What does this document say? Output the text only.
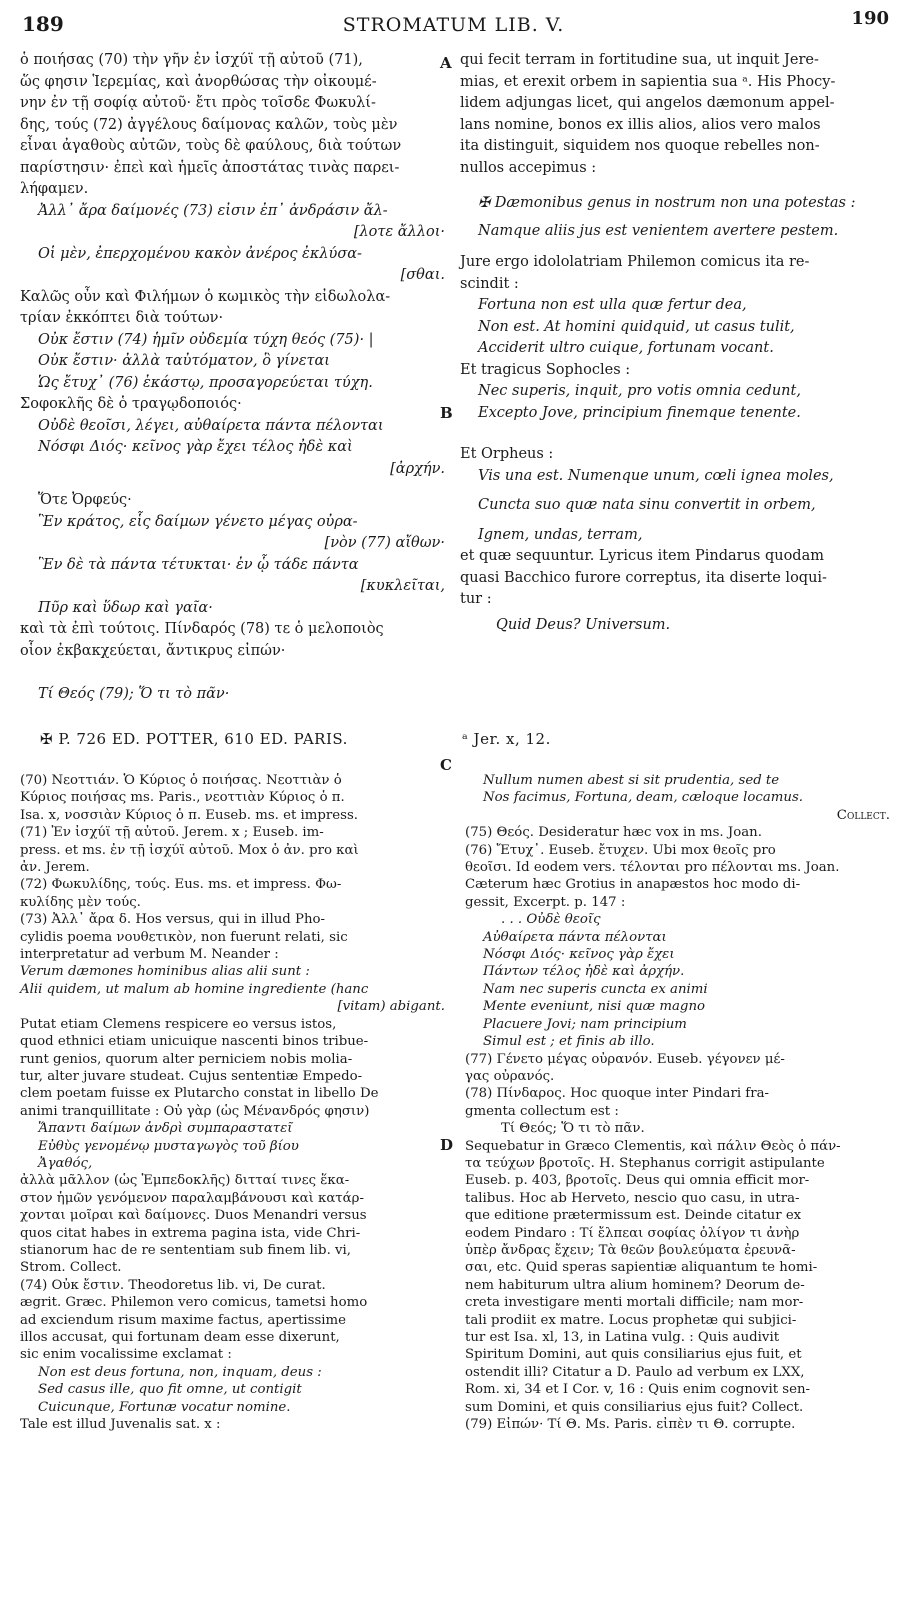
189	STROMATUM LIB. V.	190

ὁ ποιήσας (70) τὴν γῆν ἐν ἰσχύϊ τῇ αὐτοῦ (71),

ὥς φησιν Ἱερεμίας, καὶ ἀνορθώσας τὴν οἰκουμέ-

νην ἐν τῇ σοφίᾳ αὐτοῦ· ἔτι πρὸς τοῖσδε Φωκυλί-

δης, τούς (72) ἀγγέλους δαίμονας καλῶν, τοὺς μὲν

εἶναι ἀγαθοὺς αὐτῶν, τοὺς δὲ φαύλους, διὰ τούτων

παρίστησιν· ἐπεὶ καὶ ἡμεῖς ἀποστάτας τινὰς παρει-

λήφαμεν.

Ἀλλ᾽ ἄρα δαίμονές (73) εἰσιν ἐπ᾽ ἀνδράσιν ἄλ-

[λοτε ἄλλοι·

Οἱ μὲν, ἐπερχομένου κακὸν ἀνέρος ἐκλύσα-

[σθαι.

Καλῶς οὖν καὶ Φιλήμων ὁ κωμικὸς τὴν εἰδωλολα-

τρίαν ἐκκόπτει διὰ τούτων·

Οὐκ ἔστιν (74) ἡμῖν οὐδεμία τύχη θεός (75)· |

Οὐκ ἔστιν· ἀλλὰ ταὐτόματον, ὃ γίνεται

Ὡς ἔτυχ᾽ (76) ἑκάστῳ, προσαγορεύεται τύχη.

Σοφοκλῆς δὲ ὁ τραγῳδοποιός·

Οὐδὲ θεοῖσι, λέγει, αὐθαίρετα πάντα πέλονται

Νόσφι Διός· κεῖνος γὰρ ἔχει τέλος ἠδὲ καὶ

[ἀρχήν.

Ὅτε Ὀρφεύς·

Ἓν κράτος, εἷς δαίμων γένετο μέγας οὐρα-

[νὸν (77) αἴθων·

Ἓν δὲ τὰ πάντα τέτυκται· ἐν ᾧ τάδε πάντα

[κυκλεῖται,

Πῦρ καὶ ὕδωρ καὶ γαῖα·

καὶ τὰ ἐπὶ τούτοις. Πίνδαρός (78) τε ὁ μελοποιὸς

οἷον ἐκβακχεύεται, ἄντικρυς εἰπών·

Τί Θεός (79); Ὅ τι τὸ πᾶν·

✠ P. 726 ED. POTTER, 610 ED. PARIS.
A
B
C
D

qui fecit terram in fortitudine sua, ut inquit Jere-

mias, et erexit orbem in sapientia sua ᵃ. His Phocy-

lidem adjungas licet, qui angelos dæmonum appel-

lans nomine, bonos ex illis alios, alios vero malos

ita distinguit, siquidem nos quoque rebelles non-

nullos accepimus :

✠ Dæmonibus genus in nostrum non una potestas :

Namque aliis jus est venientem avertere pestem.

Jure ergo idololatriam Philemon comicus ita re-

scindit :

Fortuna non est ulla quæ fertur dea,

Non est. At homini quidquid, ut casus tulit,

Acciderit ultro cuique, fortunam vocant.

Et tragicus Sophocles :

Nec superis, inquit, pro votis omnia cedunt,

Excepto Jove, principium finemque tenente.

Et Orpheus :

Vis una est. Numenque unum, cœli ignea moles,

Cuncta suo quæ nata sinu convertit in orbem,

Ignem, undas, terram,

et quæ sequuntur. Lyricus item Pindarus quodam

quasi Bacchico furore correptus, ita diserte loqui-

tur :

Quid Deus? Universum.

ᵃ Jer. x, 12.

(70) Νεοττιάν. Ὁ Κύριος ὁ ποιήσας. Νεοττιὰν ὁ

Κύριος ποιήσας ms. Paris., νεοττιὰν Κύριος ὁ π.

Isa. x, νοσσιὰν Κύριος ὁ π. Euseb. ms. et impress.

(71) Ἐν ἰσχύϊ τῇ αὐτοῦ. Jerem. x ; Euseb. im-

press. et ms. ἐν τῇ ἰσχύϊ αὐτοῦ. Mox ὁ ἀν. pro καὶ

ἀν. Jerem.

(72) Φωκυλίδης, τούς. Eus. ms. et impress. Φω-

κυλίδης μὲν τούς.

(73) Ἀλλ᾽ ἄρα δ. Hos versus, qui in illud Pho-

cylidis poema νουθετικὸν, non fuerunt relati, sic

interpretatur ad verbum M. Neander :

Verum dæmones hominibus alias alii sunt :

Alii quidem, ut malum ab homine ingrediente (hanc

[vitam) abigant.

Putat etiam Clemens respicere eo versus istos,

quod ethnici etiam unicuique nascenti binos tribue-

runt genios, quorum alter perniciem nobis molia-

tur, alter juvare studeat. Cujus sententiæ Empedo-

clem poetam fuisse ex Plutarcho constat in libello De

animi tranquillitate : Οὐ γὰρ (ὡς Μένανδρός φησιν)

Ἅπαντι δαίμων ἀνδρὶ συμπαραστατεῖ

Εὐθὺς γενομένῳ μυσταγωγὸς τοῦ βίου

Ἀγαθός,

ἀλλὰ μᾶλλον (ὡς Ἐμπεδοκλῆς) διτταί τινες ἕκα-

στον ἡμῶν γενόμενον παραλαμβάνουσι καὶ κατάρ-

χονται μοῖραι καὶ δαίμονες. Duos Menandri versus

quos citat habes in extrema pagina ista, vide Chri-

stianorum hac de re sententiam sub finem lib. vi,

Strom. Collect.

(74) Οὐκ ἔστιν. Theodoretus lib. vi, De curat.

ægrit. Græc. Philemon vero comicus, tametsi homo

ad exciendum risum maxime factus, apertissime

illos accusat, qui fortunam deam esse dixerunt,

sic enim vocalissime exclamat :

Non est deus fortuna, non, inquam, deus :

Sed casus ille, quo fit omne, ut contigit

Cuicunque, Fortunæ vocatur nomine.

Tale est illud Juvenalis sat. x :

Nullum numen abest si sit prudentia, sed te

Nos facimus, Fortuna, deam, cæloque locamus.

Collect.

(75) Θεός. Desideratur hæc vox in ms. Joan.

(76) Ἔτυχ᾽. Euseb. ἔτυχεν. Ubi mox θεοῖς pro

θεοῖσι. Id eodem vers. τέλονται pro πέλονται ms. Joan.

Cæterum hæc Grotius in anapæstos hoc modo di-

gessit, Excerpt. p. 147 :

. . . Οὐδὲ θεοῖς

Αὐθαίρετα πάντα πέλονται

Νόσφι Διός· κεῖνος γὰρ ἔχει

Πάντων τέλος ἠδὲ καὶ ἀρχήν.

Nam nec superis cuncta ex animi

Mente eveniunt, nisi quæ magno

Placuere Jovi; nam principium

Simul est ; et finis ab illo.

(77) Γένετο μέγας οὐρανόν. Euseb. γέγονεν μέ-

γας οὐρανός.

(78) Πίνδαρος. Hoc quoque inter Pindari fra-

gmenta collectum est :

Τί Θεός; Ὅ τι τὸ πᾶν.

Sequebatur in Græco Clementis, καὶ πάλιν Θεὸς ὁ πάν-

τα τεύχων βροτοῖς. H. Stephanus corrigit astipulante

Euseb. p. 403, βροτοῖς. Deus qui omnia efficit mor-

talibus. Hoc ab Herveto, nescio quo casu, in utra-

que editione prætermissum est. Deinde citatur ex

eodem Pindaro : Τί ἔλπεαι σοφίας ὀλίγον τι ἀνὴρ

ὑπὲρ ἄνδρας ἔχειν; Τὰ θεῶν βουλεύματα ἐρευνᾶ-

σαι, etc. Quid speras sapientiæ aliquantum te homi-

nem habiturum ultra alium hominem? Deorum de-

creta investigare menti mortali difficile; nam mor-

tali prodiit ex matre. Locus prophetæ qui subjici-

tur est Isa. xl, 13, in Latina vulg. : Quis audivit

Spiritum Domini, aut quis consiliarius ejus fuit, et

ostendit illi? Citatur a D. Paulo ad verbum ex LXX,

Rom. xi, 34 et I Cor. v, 16 : Quis enim cognovit sen-

sum Domini, et quis consiliarius ejus fuit? Collect.

(79) Εἰπών· Τί Θ. Ms. Paris. εἰπὲν τι Θ. corrupte.
